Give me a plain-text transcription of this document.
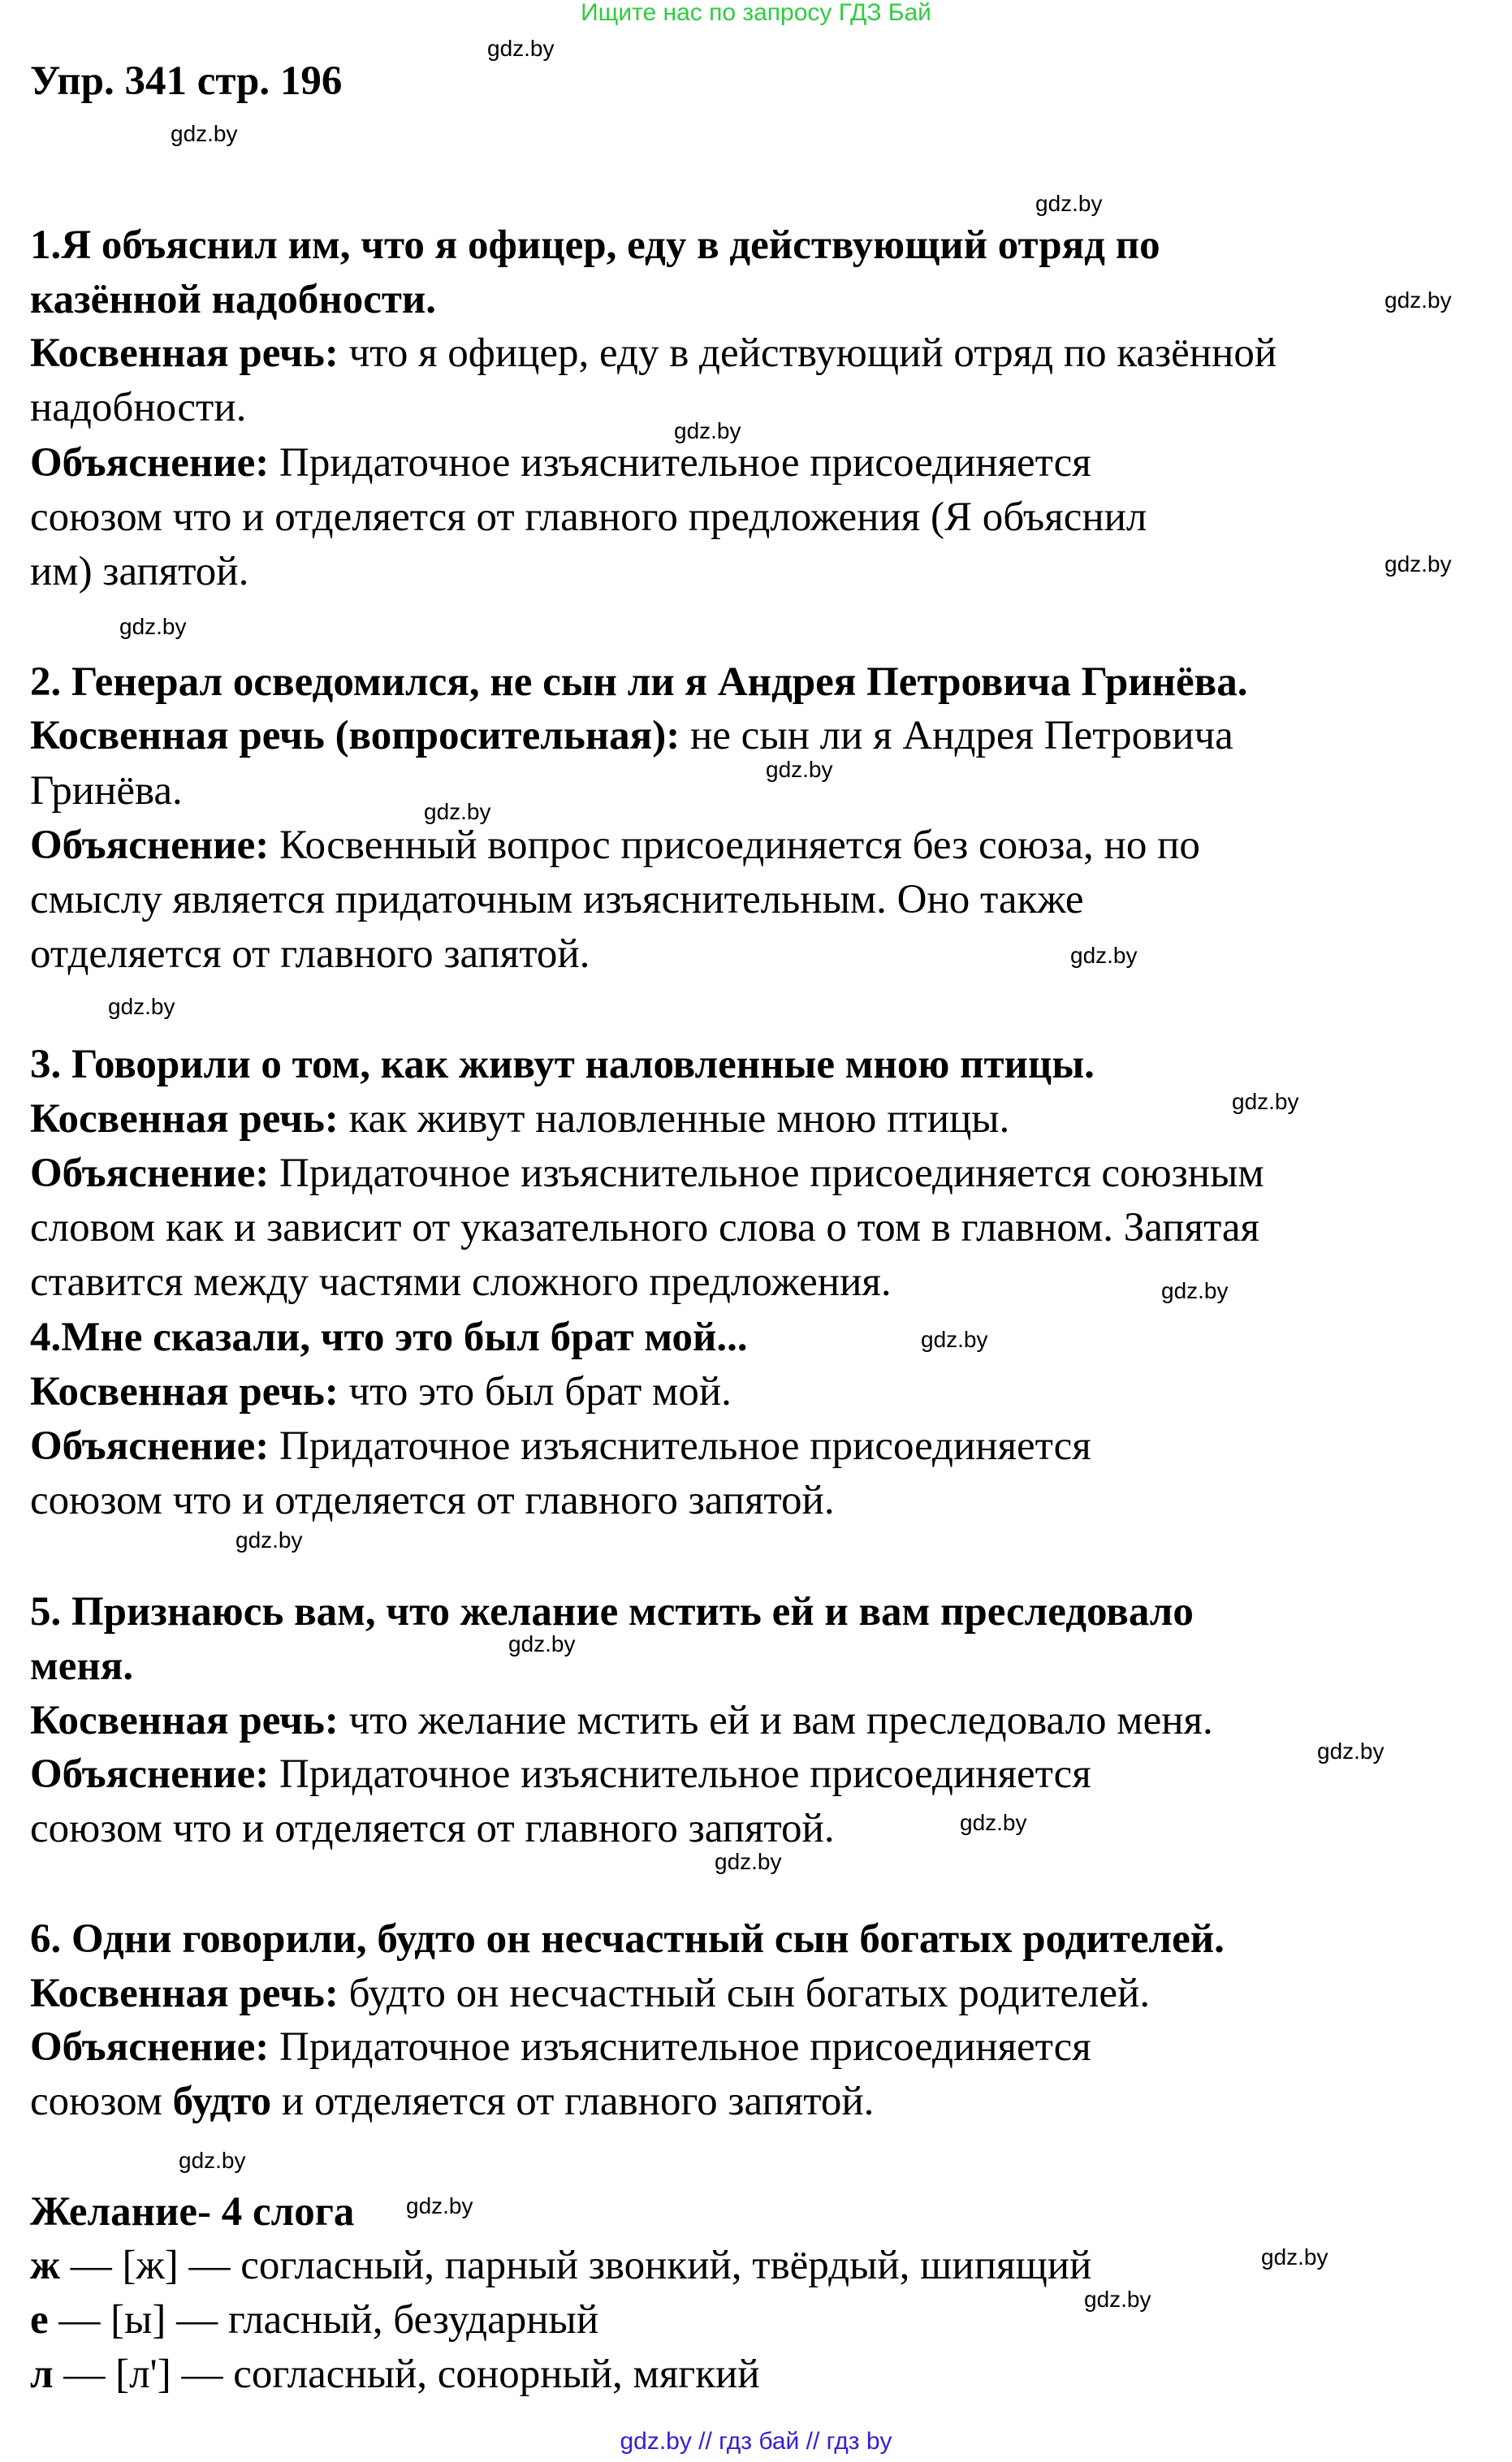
Ищите нас по запросу ГДЗ Бай
Упр. 341 стр. 196
1.Я объяснил им, что я офицер, еду в действующий отряд по
казённой надобности.
Косвенная речь: что я офицер, еду в действующий отряд по казённой
надобности.
Объяснение: Придаточное изъяснительное присоединяется
союзом что и отделяется от главного предложения (Я объяснил
им) запятой.
2. Генерал осведомился, не сын ли я Андрея Петровича Гринёва.
Косвенная речь (вопросительная): не сын ли я Андрея Петровича
Гринёва.
Объяснение: Косвенный вопрос присоединяется без союза, но по
смыслу является придаточным изъяснительным. Оно также
отделяется от главного запятой.
3. Говорили о том, как живут наловленные мною птицы.
Косвенная речь: как живут наловленные мною птицы.
Объяснение: Придаточное изъяснительное присоединяется союзным
словом как и зависит от указательного слова о том в главном. Запятая
ставится между частями сложного предложения.
4.Мне сказали, что это был брат мой...
Косвенная речь: что это был брат мой.
Объяснение: Придаточное изъяснительное присоединяется
союзом что и отделяется от главного запятой.
5. Признаюсь вам, что желание мстить ей и вам преследовало
меня.
Косвенная речь: что желание мстить ей и вам преследовало меня.
Объяснение: Придаточное изъяснительное присоединяется
союзом что и отделяется от главного запятой.
6. Одни говорили, будто он несчастный сын богатых родителей.
Косвенная речь: будто он несчастный сын богатых родителей.
Объяснение: Придаточное изъяснительное присоединяется
союзом будто и отделяется от главного запятой.
Желание- 4 слога
ж — [ж] — согласный, парный звонкий, твёрдый, шипящий
е — [ы] — гласный, безударный
л — [л'] — согласный, сонорный, мягкий
gdz.by
gdz.by
gdz.by
gdz.by
gdz.by
gdz.by
gdz.by
gdz.by
gdz.by
gdz.by
gdz.by
gdz.by
gdz.by
gdz.by
gdz.by
gdz.by
gdz.by
gdz.by
gdz.by
gdz.by
gdz.by
gdz.by
gdz.by
gdz.by // гдз бай // гдз by
